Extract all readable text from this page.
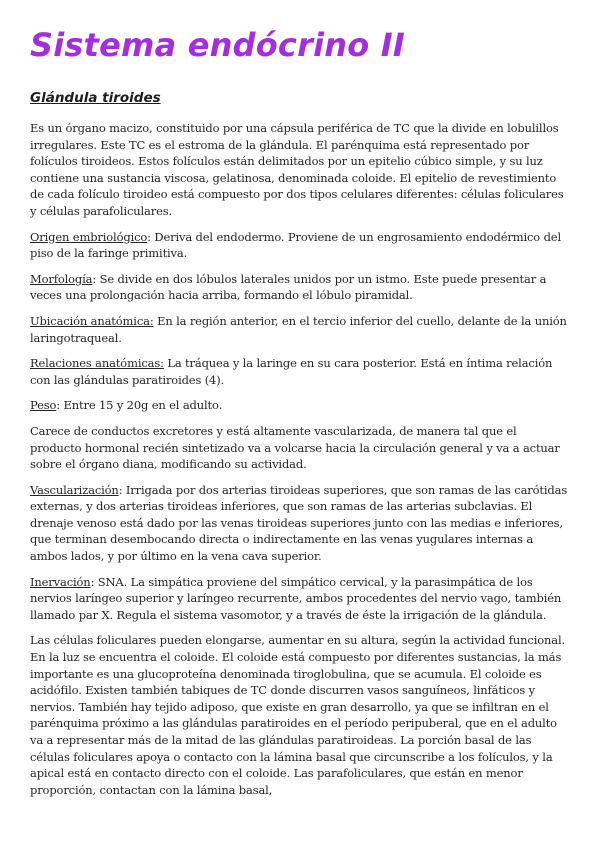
Sistema endócrino II
Glándula tiroides

Es un órgano macizo, constituido por una cápsula periférica de TC que la divide en lobulillos irregulares. Este TC es el estroma de la glándula. El parénquima está representado por folículos tiroideos. Estos folículos están delimitados por un epitelio cúbico simple, y su luz contiene una sustancia viscosa, gelatinosa, denominada coloide. El epitelio de revestimiento de cada folículo tiroideo está compuesto por dos tipos celulares diferentes: células foliculares y células parafoliculares.

Origen embriológico: Deriva del endodermo. Proviene de un engrosamiento endodérmico del piso de la faringe primitiva.

Morfología: Se divide en dos lóbulos laterales unidos por un istmo. Este puede presentar a veces una prolongación hacia arriba, formando el lóbulo piramidal.

Ubicación anatómica: En la región anterior, en el tercio inferior del cuello, delante de la unión laringotraqueal.

Relaciones anatómicas: La tráquea y la laringe en su cara posterior. Está en íntima relación con las glándulas paratiroides (4).

Peso: Entre 15 y 20g en el adulto.

Carece de conductos excretores y está altamente vascularizada, de manera tal que el producto hormonal recién sintetizado va a volcarse hacia la circulación general y va a actuar sobre el órgano diana, modificando su actividad.

Vascularización: Irrigada por dos arterias tiroideas superiores, que son ramas de las carótidas externas, y dos arterias tiroideas inferiores, que son ramas de las arterias subclavias. El drenaje venoso está dado por las venas tiroideas superiores junto con las medias e inferiores, que terminan desembocando directa o indirectamente en las venas yugulares internas a ambos lados, y por último en la vena cava superior.

Inervación: SNA. La simpática proviene del simpático cervical, y la parasimpática de los nervios laríngeo superior y laríngeo recurrente, ambos procedentes del nervio vago, también llamado par X. Regula el sistema vasomotor, y a través de éste la irrigación de la glándula.

Las células foliculares pueden elongarse, aumentar en su altura, según la actividad funcional. En la luz se encuentra el coloide. El coloide está compuesto por diferentes sustancias, la más importante es una glucoproteína denominada tiroglobulina, que se acumula. El coloide es acidófilo. Existen también tabiques de TC donde discurren vasos sanguíneos, linfáticos y nervios. También hay tejido adiposo, que existe en gran desarrollo, ya que se infiltran en el parénquima próximo a las glándulas paratiroides en el período peripuberal, que en el adulto va a representar más de la mitad de las glándulas paratiroideas. La porción basal de las células foliculares apoya o contacto con la lámina basal que circunscribe a los folículos, y la apical está en contacto directo con el coloide. Las parafoliculares, que están en menor proporción, contactan con la lámina basal,
